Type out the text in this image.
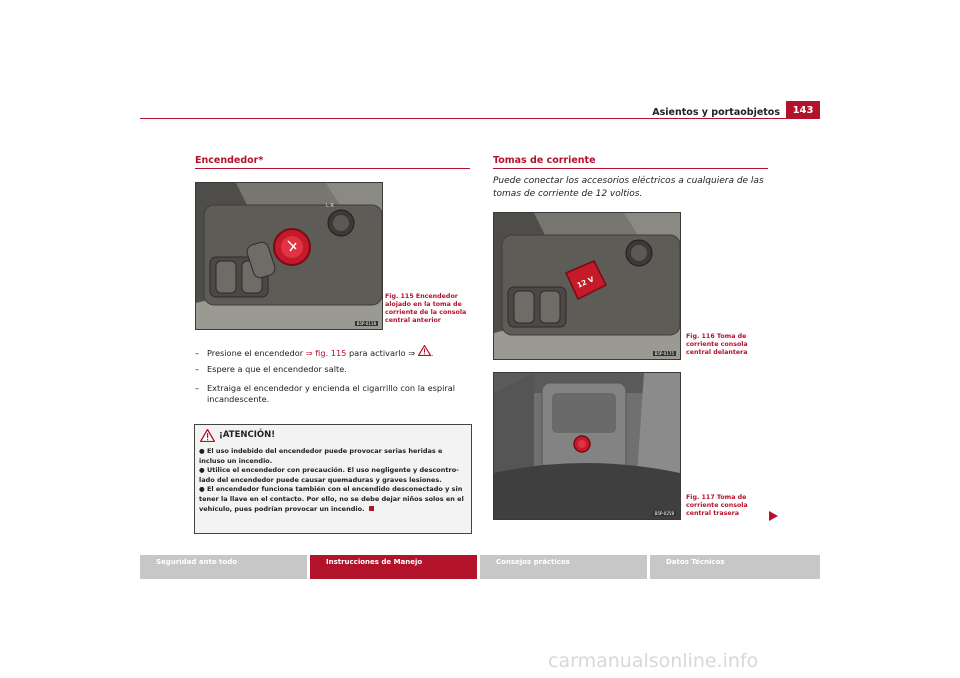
Asientos y portaobjetos	143
Encendedor*
L R
B5P-0118
Fig. 115 Encendedor alojado en la toma de corriente de la consola central anterior
– Presione el encendedor ⇒ fig. 115 para activarlo ⇒ .
– Espere a que el encendedor salte.
– Extraiga el encendedor y encienda el cigarrillo con la espiral
incandescente.
¡ATENCIÓN!
● El uso indebido del encendedor puede provocar serias heridas e incluso un incendio.
● Utilice el encendedor con precaución. El uso negligente y descontro-lado del encendedor puede causar quemaduras y graves lesiones.
● El encendedor funciona también con el encendido desconectado y sin tener la llave en el contacto. Por ello, no se debe dejar niños solos en el vehículo, pues podrían provocar un incendio.
Tomas de corriente
Puede conectar los accesorios eléctricos a cualquiera de las tomas de corriente de 12 voltios.
12 V
B5P-0175
Fig. 116 Toma de corriente consola central delantera
B5P-0258
Fig. 117 Toma de corriente consola central trasera
Seguridad ante todo	Instrucciones de Manejo	Consejos prácticos	Datos Técnicos
carmanualsonline.info
